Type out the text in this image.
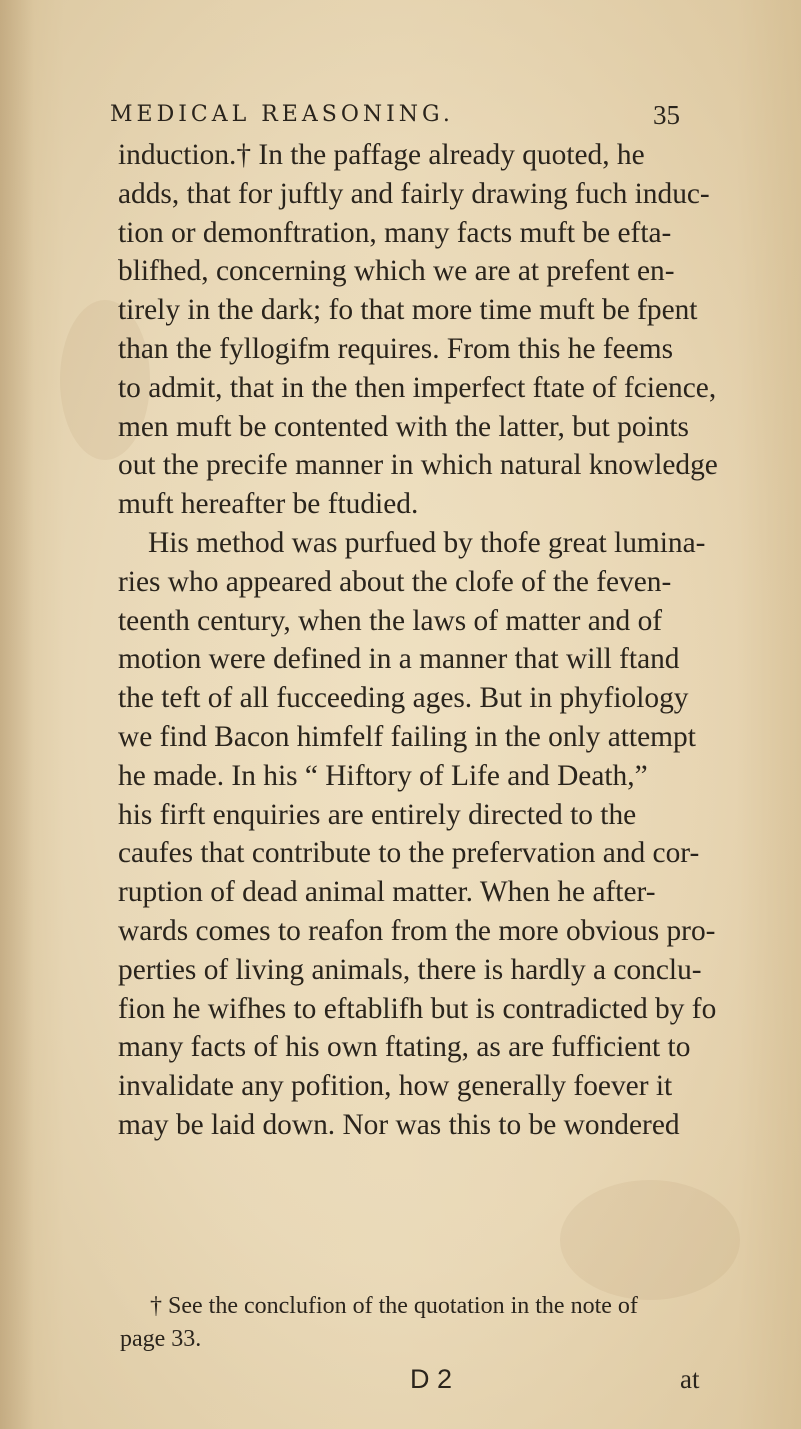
MEDICAL REASONING.	35
induction.† In the paffage already quoted, he
adds, that for juftly and fairly drawing fuch induc-
tion or demonftration, many facts muft be efta-
blifhed, concerning which we are at prefent en-
tirely in the dark; fo that more time muft be fpent
than the fyllogifm requires. From this he feems
to admit, that in the then imperfect ftate of fcience,
men muft be contented with the latter, but points
out the precife manner in which natural knowledge
muft hereafter be ftudied.
His method was purfued by thofe great lumina-
ries who appeared about the clofe of the feven-
teenth century, when the laws of matter and of
motion were defined in a manner that will ftand
the teft of all fucceeding ages. But in phyfiology
we find Bacon himfelf failing in the only attempt
he made. In his “ Hiftory of Life and Death,”
his firft enquiries are entirely directed to the
caufes that contribute to the prefervation and cor-
ruption of dead animal matter. When he after-
wards comes to reafon from the more obvious pro-
perties of living animals, there is hardly a conclu-
fion he wifhes to eftablifh but is contradicted by fo
many facts of his own ftating, as are fufficient to
invalidate any pofition, how generally foever it
may be laid down. Nor was this to be wondered
† See the conclufion of the quotation in the note of
page 33.
D 2	at
